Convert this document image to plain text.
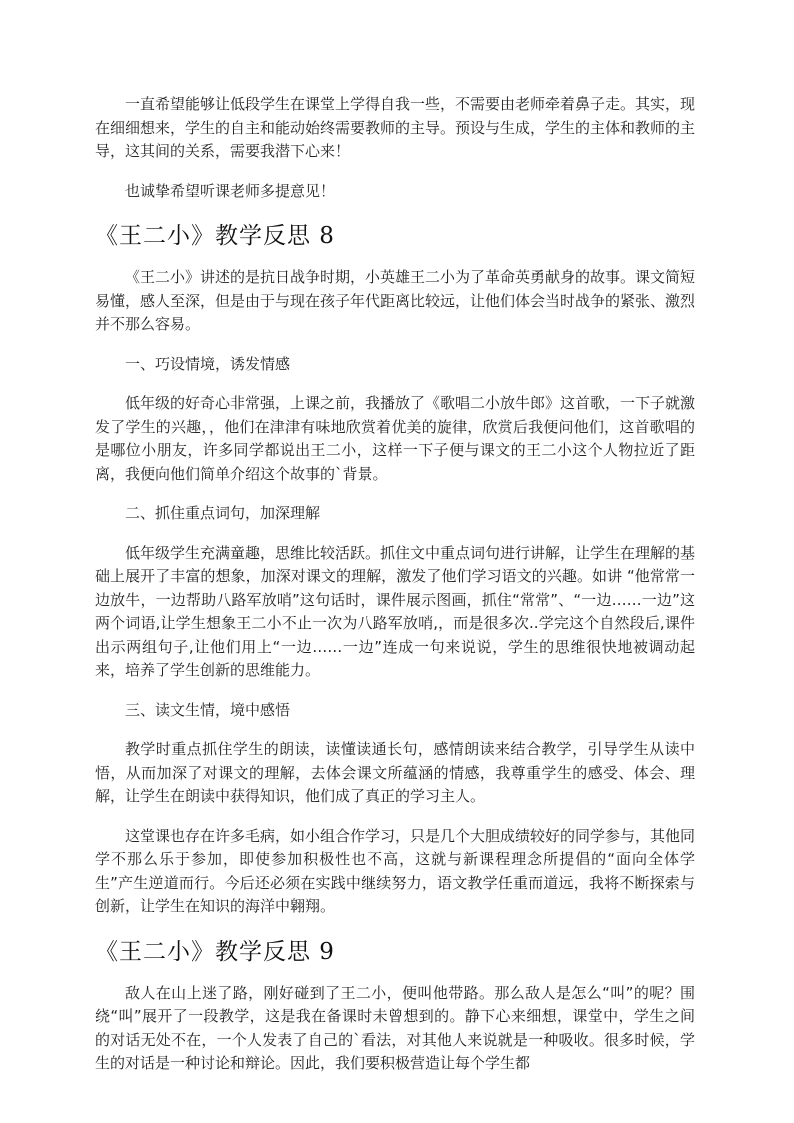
一直希望能够让低段学生在课堂上学得自我一些，不需要由老师牵着鼻子走。其实，现在细细想来，学生的自主和能动始终需要教师的主导。预设与生成，学生的主体和教师的主导，这其间的关系，需要我潜下心来！

也诚挚希望听课老师多提意见！

《王二小》教学反思 8

《王二小》讲述的是抗日战争时期，小英雄王二小为了革命英勇献身的故事。课文简短易懂，感人至深，但是由于与现在孩子年代距离比较远，让他们体会当时战争的紧张、激烈并不那么容易。

一、巧设情境，诱发情感

低年级的好奇心非常强，上课之前，我播放了《歌唱二小放牛郎》这首歌，一下子就激发了学生的兴趣，，他们在津津有味地欣赏着优美的旋律，欣赏后我便问他们，这首歌唱的是哪位小朋友，许多同学都说出王二小，这样一下子便与课文的王二小这个人物拉近了距离，我便向他们简单介绍这个故事的`背景。

二、抓住重点词句，加深理解

低年级学生充满童趣，思维比较活跃。抓住文中重点词句进行讲解，让学生在理解的基础上展开了丰富的想象，加深对课文的理解，激发了他们学习语文的兴趣。如讲 “他常常一边放牛，一边帮助八路军放哨”这句话时，课件展示图画，抓住“常常”、“一边……一边”这两个词语,让学生想象王二小不止一次为八路军放哨,，而是很多次..学完这个自然段后,课件出示两组句子,让他们用上“一边……一边”连成一句来说说，学生的思维很快地被调动起来，培养了学生创新的思维能力。

三、读文生情，境中感悟

教学时重点抓住学生的朗读，读懂读通长句，感情朗读来结合教学，引导学生从读中悟，从而加深了对课文的理解，去体会课文所蕴涵的情感，我尊重学生的感受、体会、理解，让学生在朗读中获得知识，他们成了真正的学习主人。

这堂课也存在许多毛病，如小组合作学习，只是几个大胆成绩较好的同学参与，其他同学不那么乐于参加，即使参加积极性也不高，这就与新课程理念所提倡的“面向全体学生”产生逆道而行。今后还必须在实践中继续努力，语文教学任重而道远，我将不断探索与创新，让学生在知识的海洋中翱翔。

《王二小》教学反思 9

敌人在山上迷了路，刚好碰到了王二小，便叫他带路。那么敌人是怎么“叫”的呢？围绕“叫”展开了一段教学，这是我在备课时未曾想到的。静下心来细想，课堂中，学生之间的对话无处不在，一个人发表了自己的`看法，对其他人来说就是一种吸收。很多时候，学生的对话是一种讨论和辩论。因此，我们要积极营造让每个学生都
